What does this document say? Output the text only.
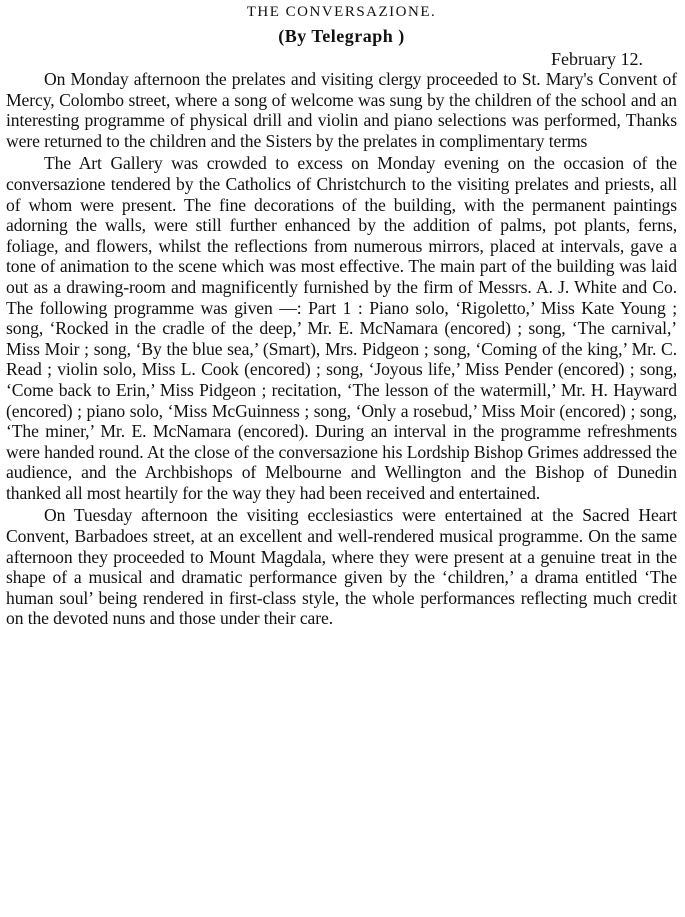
THE CONVERSAZIONE.
(By Telegraph )
February 12.

On Monday afternoon the prelates and visiting clergy proceeded to St. Mary's Convent of Mercy, Colombo street, where a song of welcome was sung by the children of the school and an interesting programme of physical drill and violin and piano selections was performed, Thanks were returned to the children and the Sisters by the prelates in complimentary terms

The Art Gallery was crowded to excess on Monday evening on the occasion of the conversazione tendered by the Catholics of Christchurch to the visiting prelates and priests, all of whom were present. The fine decorations of the building, with the permanent paintings adorning the walls, were still further enhanced by the addition of palms, pot plants, ferns, foliage, and flowers, whilst the reflections from numerous mirrors, placed at intervals, gave a tone of animation to the scene which was most effective. The main part of the building was laid out as a drawing-room and magnificently furnished by the firm of Messrs. A. J. White and Co. The following programme was given —: Part 1 : Piano solo, ‘Rigoletto,’ Miss Kate Young ; song, ‘Rocked in the cradle of the deep,’ Mr. E. McNamara (encored) ; song, ‘The carnival,’ Miss Moir ; song, ‘By the blue sea,’ (Smart), Mrs. Pidgeon ; song, ‘Coming of the king,’ Mr. C. Read ; violin solo, Miss L. Cook (encored) ; song, ‘Joyous life,’ Miss Pender (encored) ; song, ‘Come back to Erin,’ Miss Pidgeon ; recitation, ‘The lesson of the watermill,’ Mr. H. Hayward (encored) ; piano solo, ‘Miss McGuinness ; song, ‘Only a rosebud,’ Miss Moir (encored) ; song, ‘The miner,’ Mr. E. McNamara (encored). During an interval in the programme refreshments were handed round. At the close of the conversazione his Lordship Bishop Grimes addressed the audience, and the Archbishops of Melbourne and Wellington and the Bishop of Dunedin thanked all most heartily for the way they had been received and entertained.

On Tuesday afternoon the visiting ecclesiastics were entertained at the Sacred Heart Convent, Barbadoes street, at an excellent and well-rendered musical programme. On the same afternoon they proceeded to Mount Magdala, where they were present at a genuine treat in the shape of a musical and dramatic performance given by the ‘children,’ a drama entitled ‘The human soul’ being rendered in first-class style, the whole performances reflecting much credit on the devoted nuns and those under their care.
